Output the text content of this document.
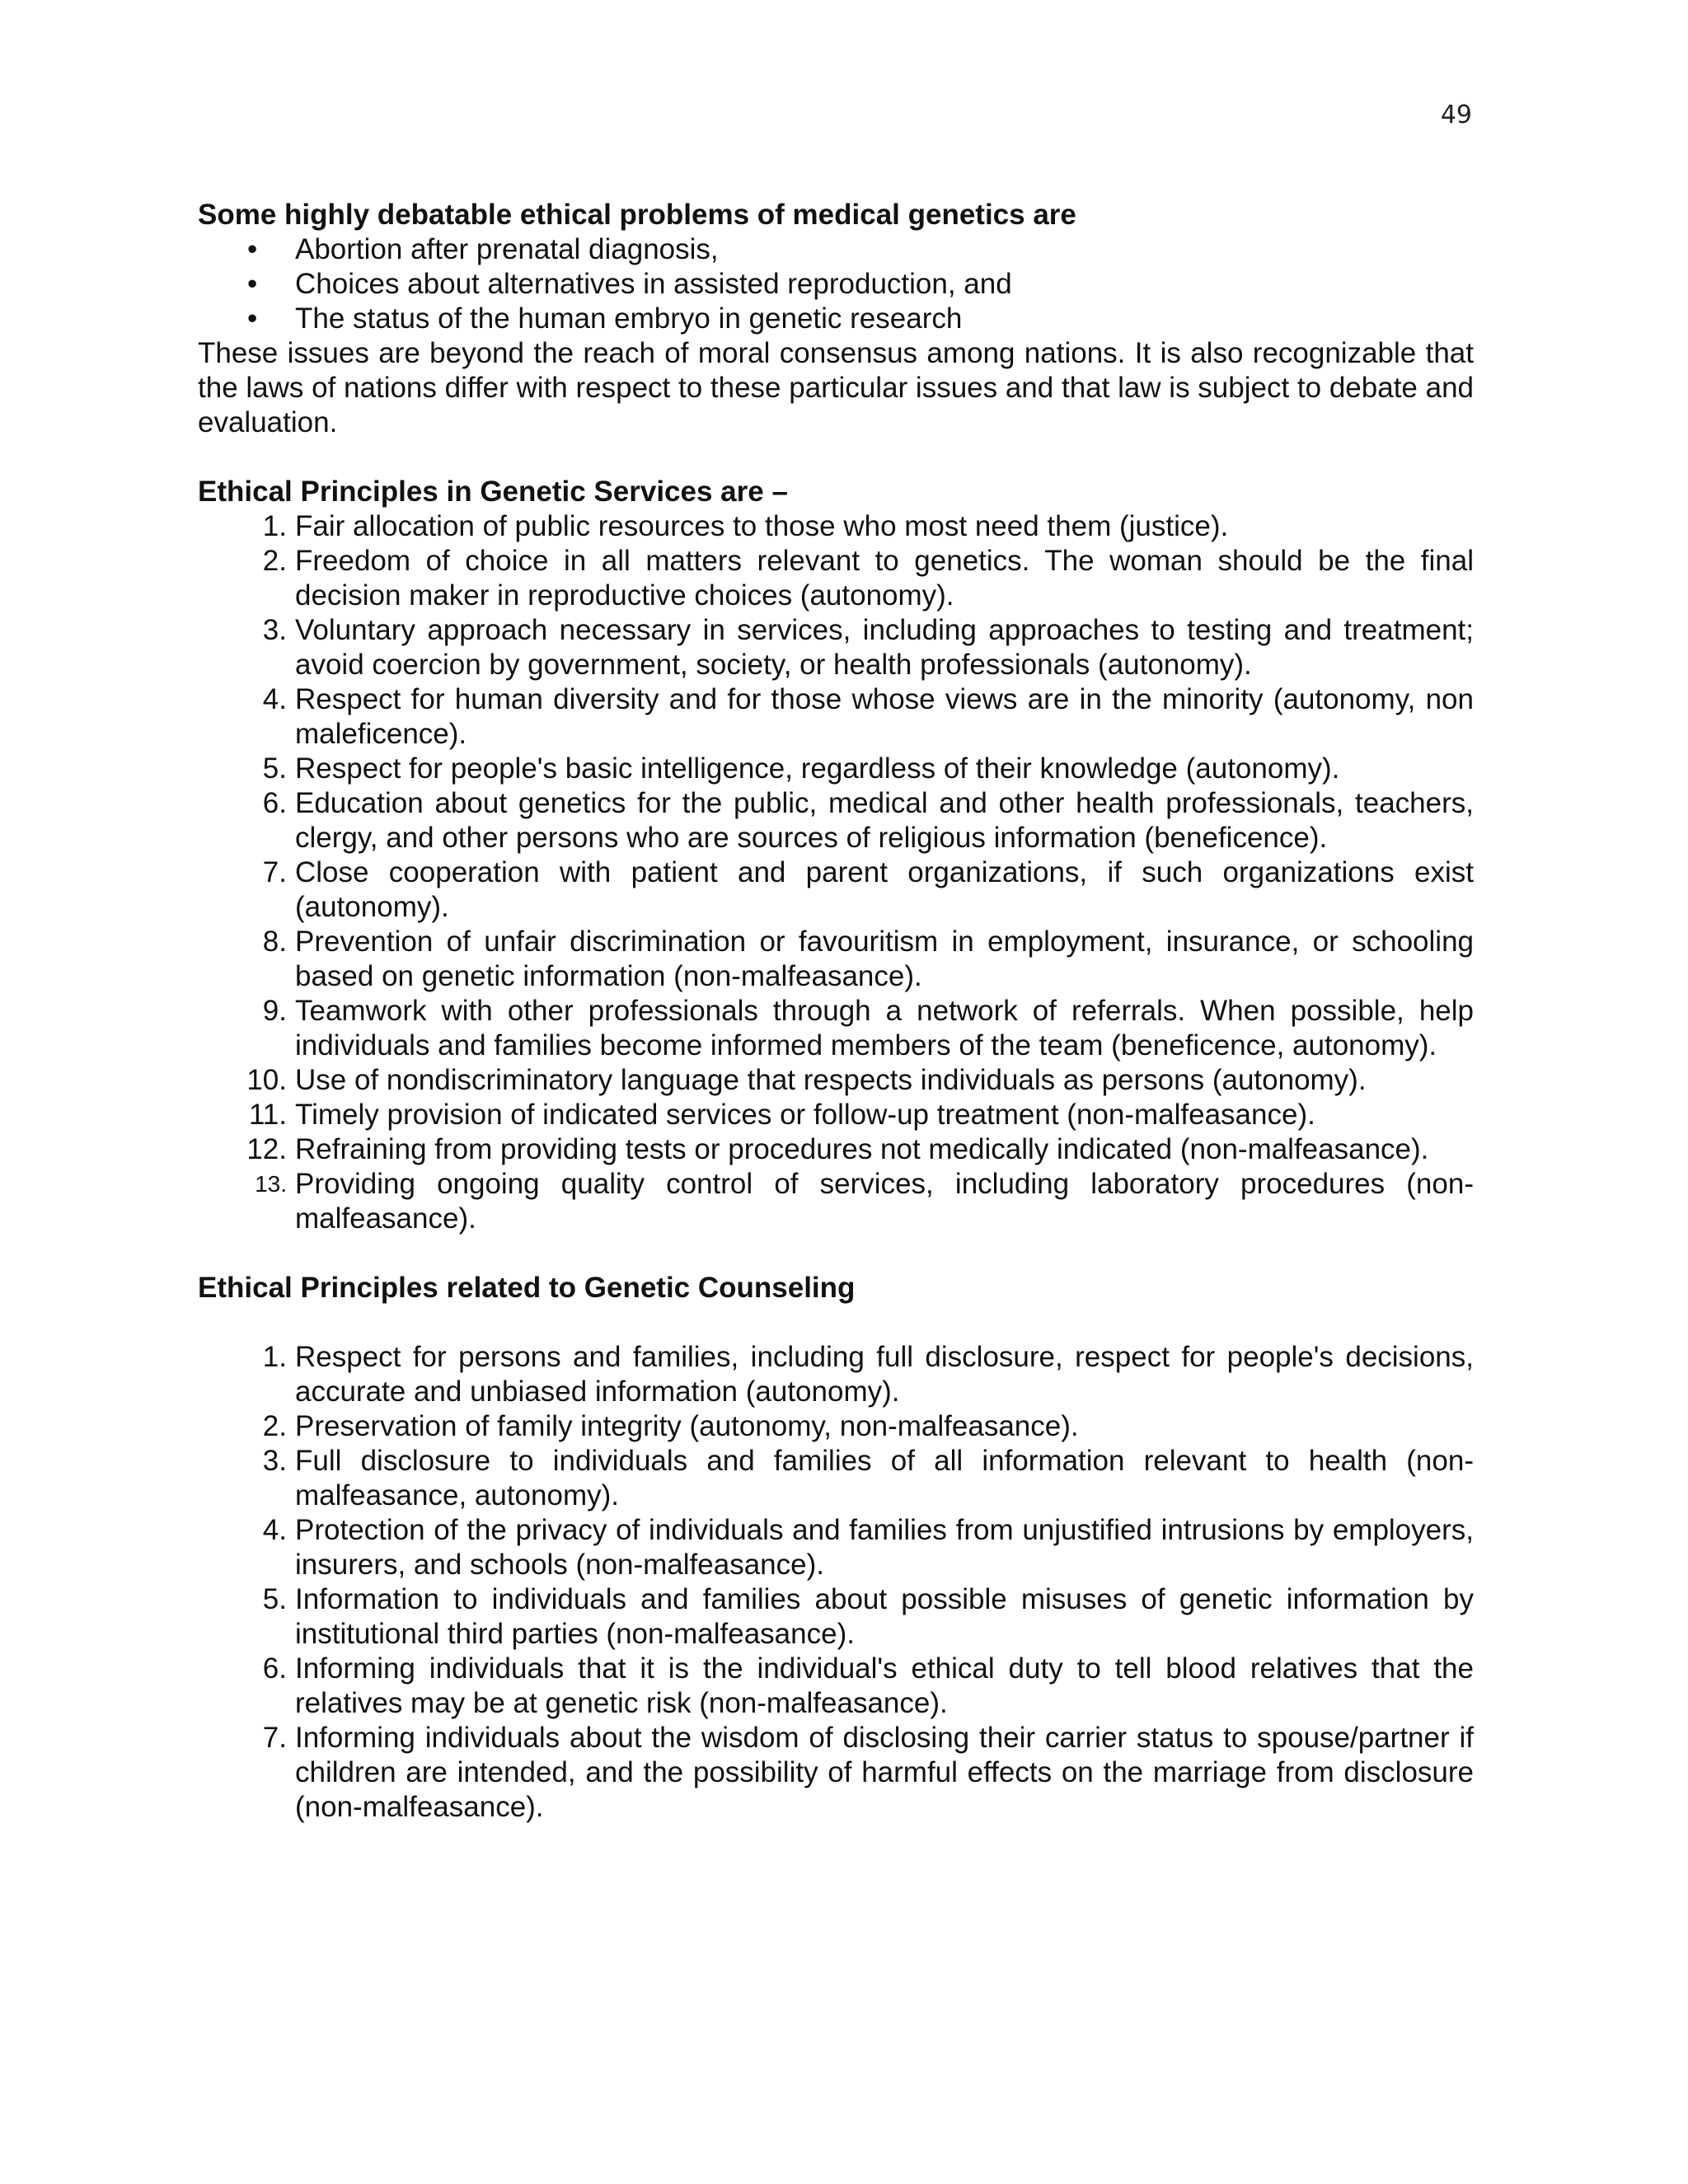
49

Some highly debatable ethical problems of medical genetics are

• Abortion after prenatal diagnosis,
• Choices about alternatives in assisted reproduction, and
• The status of the human embryo in genetic research

These issues are beyond the reach of moral consensus among nations. It is also recognizable that the laws of nations differ with respect to these particular issues and that law is subject to debate and evaluation.

Ethical Principles in Genetic Services are –

1. Fair allocation of public resources to those who most need them (justice).
2. Freedom of choice in all matters relevant to genetics. The woman should be the final decision maker in reproductive choices (autonomy).
3. Voluntary approach necessary in services, including approaches to testing and treatment; avoid coercion by government, society, or health professionals (autonomy).
4. Respect for human diversity and for those whose views are in the minority (autonomy, non maleficence).
5. Respect for people's basic intelligence, regardless of their knowledge (autonomy).
6. Education about genetics for the public, medical and other health professionals, teachers, clergy, and other persons who are sources of religious information (beneficence).
7. Close cooperation with patient and parent organizations, if such organizations exist (autonomy).
8. Prevention of unfair discrimination or favouritism in employment, insurance, or schooling based on genetic information (non-malfeasance).
9. Teamwork with other professionals through a network of referrals. When possible, help individuals and families become informed members of the team (beneficence, autonomy).
10. Use of nondiscriminatory language that respects individuals as persons (autonomy).
11. Timely provision of indicated services or follow-up treatment (non-malfeasance).
12. Refraining from providing tests or procedures not medically indicated (non-malfeasance).
13. Providing ongoing quality control of services, including laboratory procedures (non-malfeasance).

Ethical Principles related to Genetic Counseling

1. Respect for persons and families, including full disclosure, respect for people's decisions, accurate and unbiased information (autonomy).
2. Preservation of family integrity (autonomy, non-malfeasance).
3. Full disclosure to individuals and families of all information relevant to health (non-malfeasance, autonomy).
4. Protection of the privacy of individuals and families from unjustified intrusions by employers, insurers, and schools (non-malfeasance).
5. Information to individuals and families about possible misuses of genetic information by institutional third parties (non-malfeasance).
6. Informing individuals that it is the individual's ethical duty to tell blood relatives that the relatives may be at genetic risk (non-malfeasance).
7. Informing individuals about the wisdom of disclosing their carrier status to spouse/partner if children are intended, and the possibility of harmful effects on the marriage from disclosure (non-malfeasance).
